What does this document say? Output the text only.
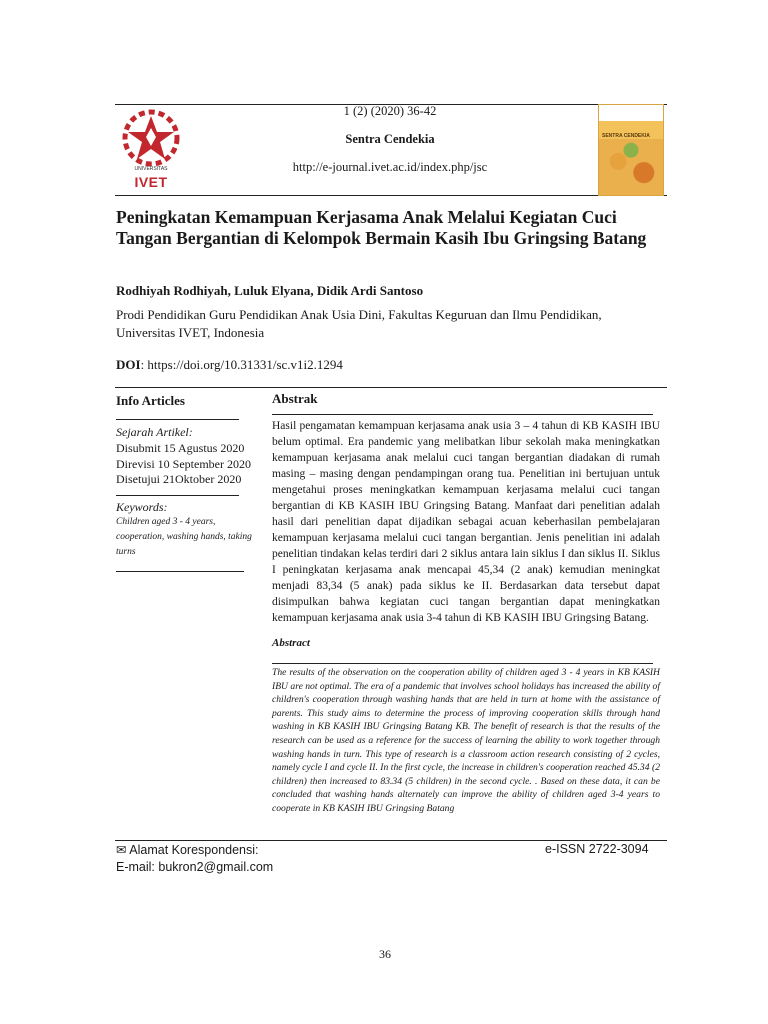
UNIVERSITAS
IVET
1 (2) (2020) 36-42
Sentra Cendekia
http://e-journal.ivet.ac.id/index.php/jsc
SENTRA CENDEKIA
Peningkatan Kemampuan Kerjasama Anak Melalui Kegiatan Cuci Tangan Bergantian di Kelompok Bermain Kasih Ibu Gringsing Batang
Rodhiyah Rodhiyah, Luluk Elyana, Didik Ardi Santoso
Prodi Pendidikan Guru Pendidikan Anak Usia Dini, Fakultas Keguruan dan Ilmu Pendidikan, Universitas IVET, Indonesia
DOI: https://doi.org/10.31331/sc.v1i2.1294
Info Articles
Sejarah Artikel:
Disubmit 15 Agustus 2020
Direvisi 10 September 2020
Disetujui 21Oktober 2020
Keywords:
Children aged 3 - 4 years, cooperation, washing hands, taking turns
Abstrak
Hasil pengamatan kemampuan kerjasama anak usia 3 – 4 tahun di KB KASIH IBU belum optimal. Era pandemic yang melibatkan libur sekolah maka meningkatkan kemampuan kerjasama anak melalui cuci tangan bergantian diadakan di rumah masing – masing dengan pendampingan orang tua. Penelitian ini bertujuan untuk mengetahui proses meningkatkan kemampuan kerjasama melalui cuci tangan bergantian di KB KASIH IBU Gringsing Batang. Manfaat dari penelitian adalah hasil dari penelitian dapat dijadikan sebagai acuan keberhasilan pembelajaran kemampuan kerjasama melalui cuci tangan bergantian. Jenis penelitian ini adalah penelitian tindakan kelas terdiri dari 2 siklus antara lain siklus I dan siklus II. Siklus I peningkatan kerjasama anak mencapai 45,34 (2 anak) kemudian meningkat menjadi 83,34 (5 anak) pada siklus ke II. Berdasarkan data tersebut dapat disimpulkan bahwa kegiatan cuci tangan bergantian dapat meningkatkan kemampuan kerjasama anak usia 3-4 tahun di KB KASIH IBU Gringsing Batang.
Abstract
The results of the observation on the cooperation ability of children aged 3 - 4 years in KB KASIH IBU are not optimal. The era of a pandemic that involves school holidays has increased the ability of children's cooperation through washing hands that are held in turn at home with the assistance of parents. This study aims to determine the process of improving cooperation skills through hand washing in KB KASIH IBU Gringsing Batang KB. The benefit of research is that the results of the research can be used as a reference for the success of learning the ability to work together through washing hands in turn. This type of research is a classroom action research consisting of 2 cycles, namely cycle I and cycle II. In the first cycle, the increase in children's cooperation reached 45.34 (2 children) then increased to 83.34 (5 children) in the second cycle. . Based on these data, it can be concluded that washing hands alternately can improve the ability of children aged 3-4 years to cooperate in KB KASIH IBU Gringsing Batang
✉ Alamat Korespondensi:
E-mail: bukron2@gmail.com
e-ISSN 2722-3094
36
